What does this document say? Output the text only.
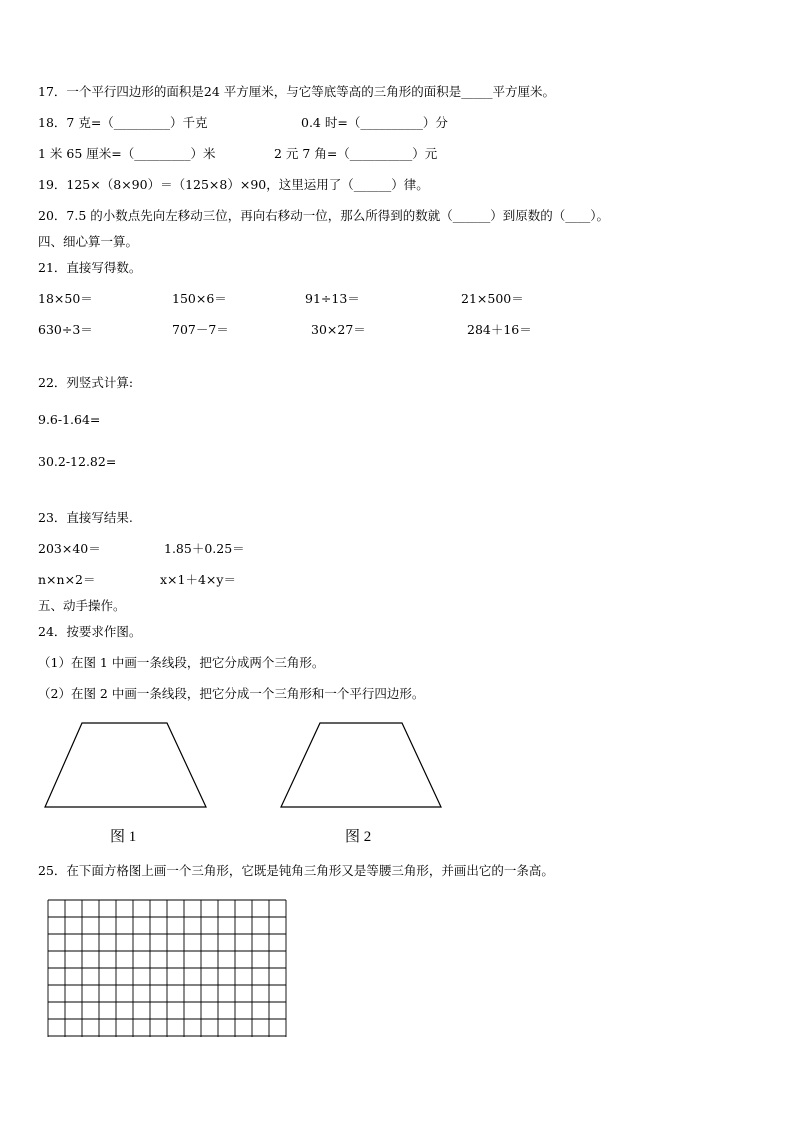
17．一个平行四边形的面积是24 平方厘米，与它等底等高的三角形的面积是_____平方厘米。
18．7 克=（_________）千克	0.4 时=（__________）分
1 米 65 厘米=（_________）米	2 元 7 角=（__________）元
19．125×（8×90）＝（125×8）×90，这里运用了（______）律。
20．7.5 的小数点先向左移动三位，再向右移动一位，那么所得到的数就（______）到原数的（____）。
四、细心算一算。
21．直接写得数。
18×50＝	150×6＝	91÷13＝	21×500＝
630÷3＝	707－7＝	30×27＝	284＋16＝
22．列竖式计算:
9.6-1.64=
30.2-12.82=
23．直接写结果.
203×40＝	1.85＋0.25＝
n×n×2＝	x×1＋4×y＝
五、动手操作。
24．按要求作图。
（1）在图 1 中画一条线段，把它分成两个三角形。
（2）在图 2 中画一条线段，把它分成一个三角形和一个平行四边形。
图 1	图 2
25．在下面方格图上画一个三角形，它既是钝角三角形又是等腰三角形，并画出它的一条高。
